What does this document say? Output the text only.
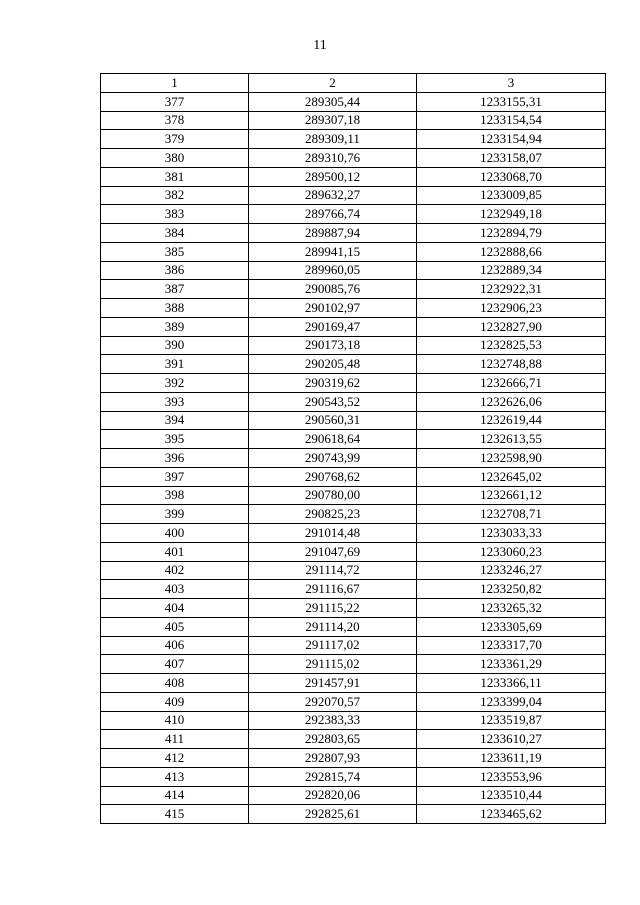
11
1	2	3
377	289305,44	1233155,31
378	289307,18	1233154,54
379	289309,11	1233154,94
380	289310,76	1233158,07
381	289500,12	1233068,70
382	289632,27	1233009,85
383	289766,74	1232949,18
384	289887,94	1232894,79
385	289941,15	1232888,66
386	289960,05	1232889,34
387	290085,76	1232922,31
388	290102,97	1232906,23
389	290169,47	1232827,90
390	290173,18	1232825,53
391	290205,48	1232748,88
392	290319,62	1232666,71
393	290543,52	1232626,06
394	290560,31	1232619,44
395	290618,64	1232613,55
396	290743,99	1232598,90
397	290768,62	1232645,02
398	290780,00	1232661,12
399	290825,23	1232708,71
400	291014,48	1233033,33
401	291047,69	1233060,23
402	291114,72	1233246,27
403	291116,67	1233250,82
404	291115,22	1233265,32
405	291114,20	1233305,69
406	291117,02	1233317,70
407	291115,02	1233361,29
408	291457,91	1233366,11
409	292070,57	1233399,04
410	292383,33	1233519,87
411	292803,65	1233610,27
412	292807,93	1233611,19
413	292815,74	1233553,96
414	292820,06	1233510,44
415	292825,61	1233465,62
